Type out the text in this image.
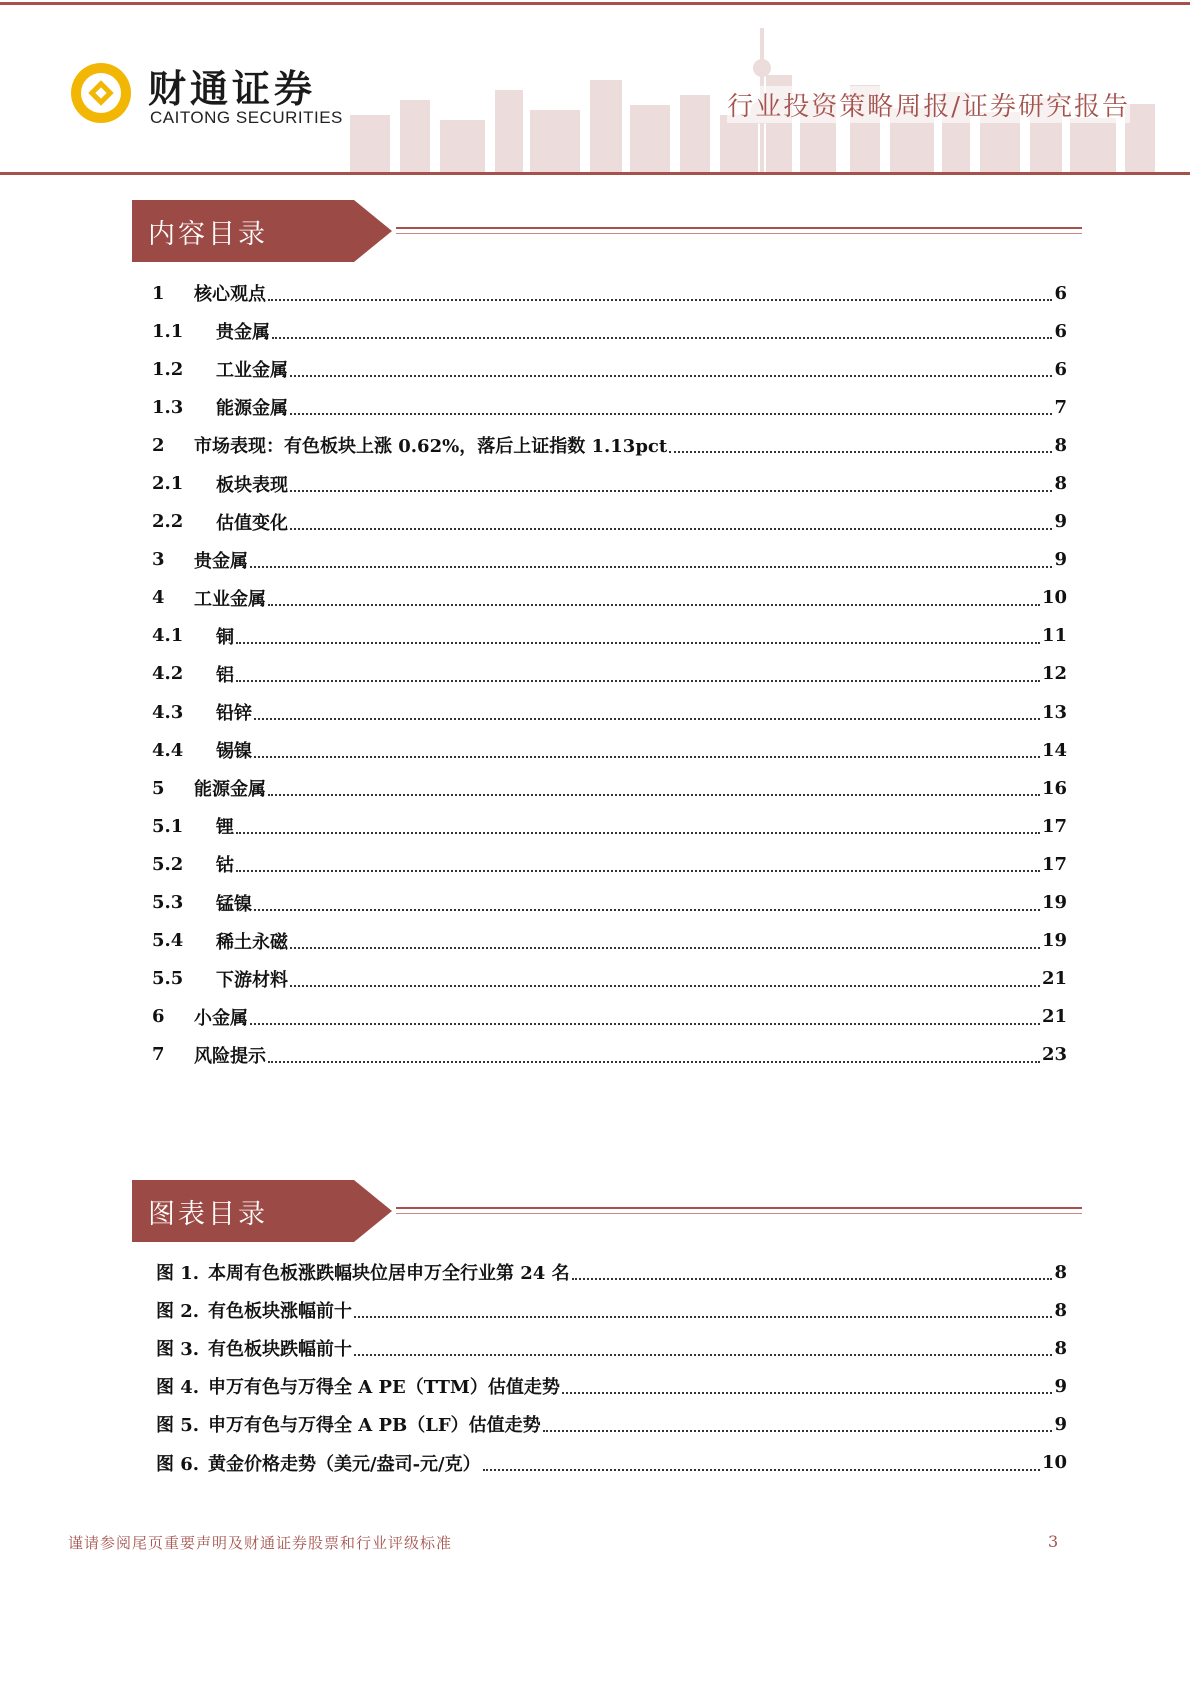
财通证券
CAITONG SECURITIES	行业投资策略周报/证券研究报告
内容目录
1	核心观点	6
1.1	贵金属	6
1.2	工业金属	6
1.3	能源金属	7
2	市场表现：有色板块上涨 0.62%，落后上证指数 1.13pct	8
2.1	板块表现	8
2.2	估值变化	9
3	贵金属	9
4	工业金属	10
4.1	铜	11
4.2	铝	12
4.3	铅锌	13
4.4	锡镍	14
5	能源金属	16
5.1	锂	17
5.2	钴	17
5.3	锰镍	19
5.4	稀土永磁	19
5.5	下游材料	21
6	小金属	21
7	风险提示	23
图表目录
图 1. 本周有色板涨跌幅块位居申万全行业第 24 名	8
图 2. 有色板块涨幅前十	8
图 3. 有色板块跌幅前十	8
图 4. 申万有色与万得全 A PE（TTM）估值走势	9
图 5. 申万有色与万得全 A PB（LF）估值走势	9
图 6. 黄金价格走势（美元/盎司-元/克）	10
谨请参阅尾页重要声明及财通证券股票和行业评级标准	3
